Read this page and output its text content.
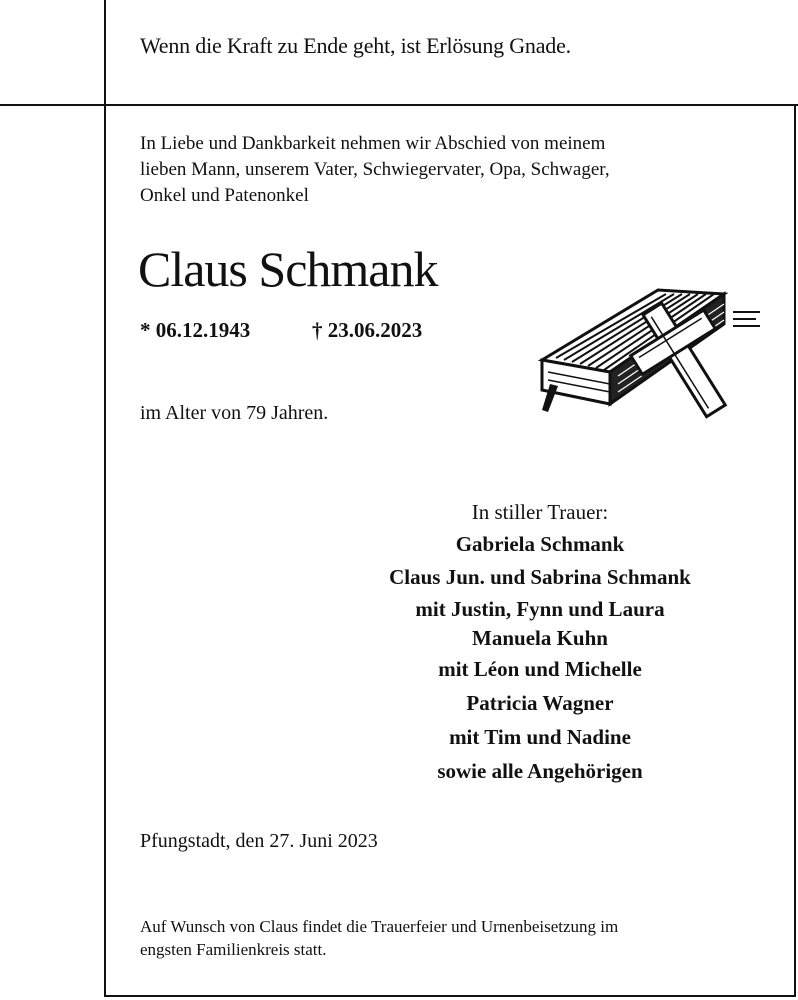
Wenn die Kraft zu Ende geht, ist Erlösung Gnade.
In Liebe und Dankbarkeit nehmen wir Abschied von meinem
lieben Mann, unserem Vater, Schwiegervater, Opa, Schwager,
Onkel und Patenonkel
Claus Schmank
* 06.12.1943	† 23.06.2023
im Alter von 79 Jahren.
In stiller Trauer:
Gabriela Schmank
Claus Jun. und Sabrina Schmank
mit Justin, Fynn und Laura
Manuela Kuhn
mit Léon und Michelle
Patricia Wagner
mit Tim und Nadine
sowie alle Angehörigen
Pfungstadt, den 27. Juni 2023
Auf Wunsch von Claus findet die Trauerfeier und Urnenbeisetzung im
engsten Familienkreis statt.
